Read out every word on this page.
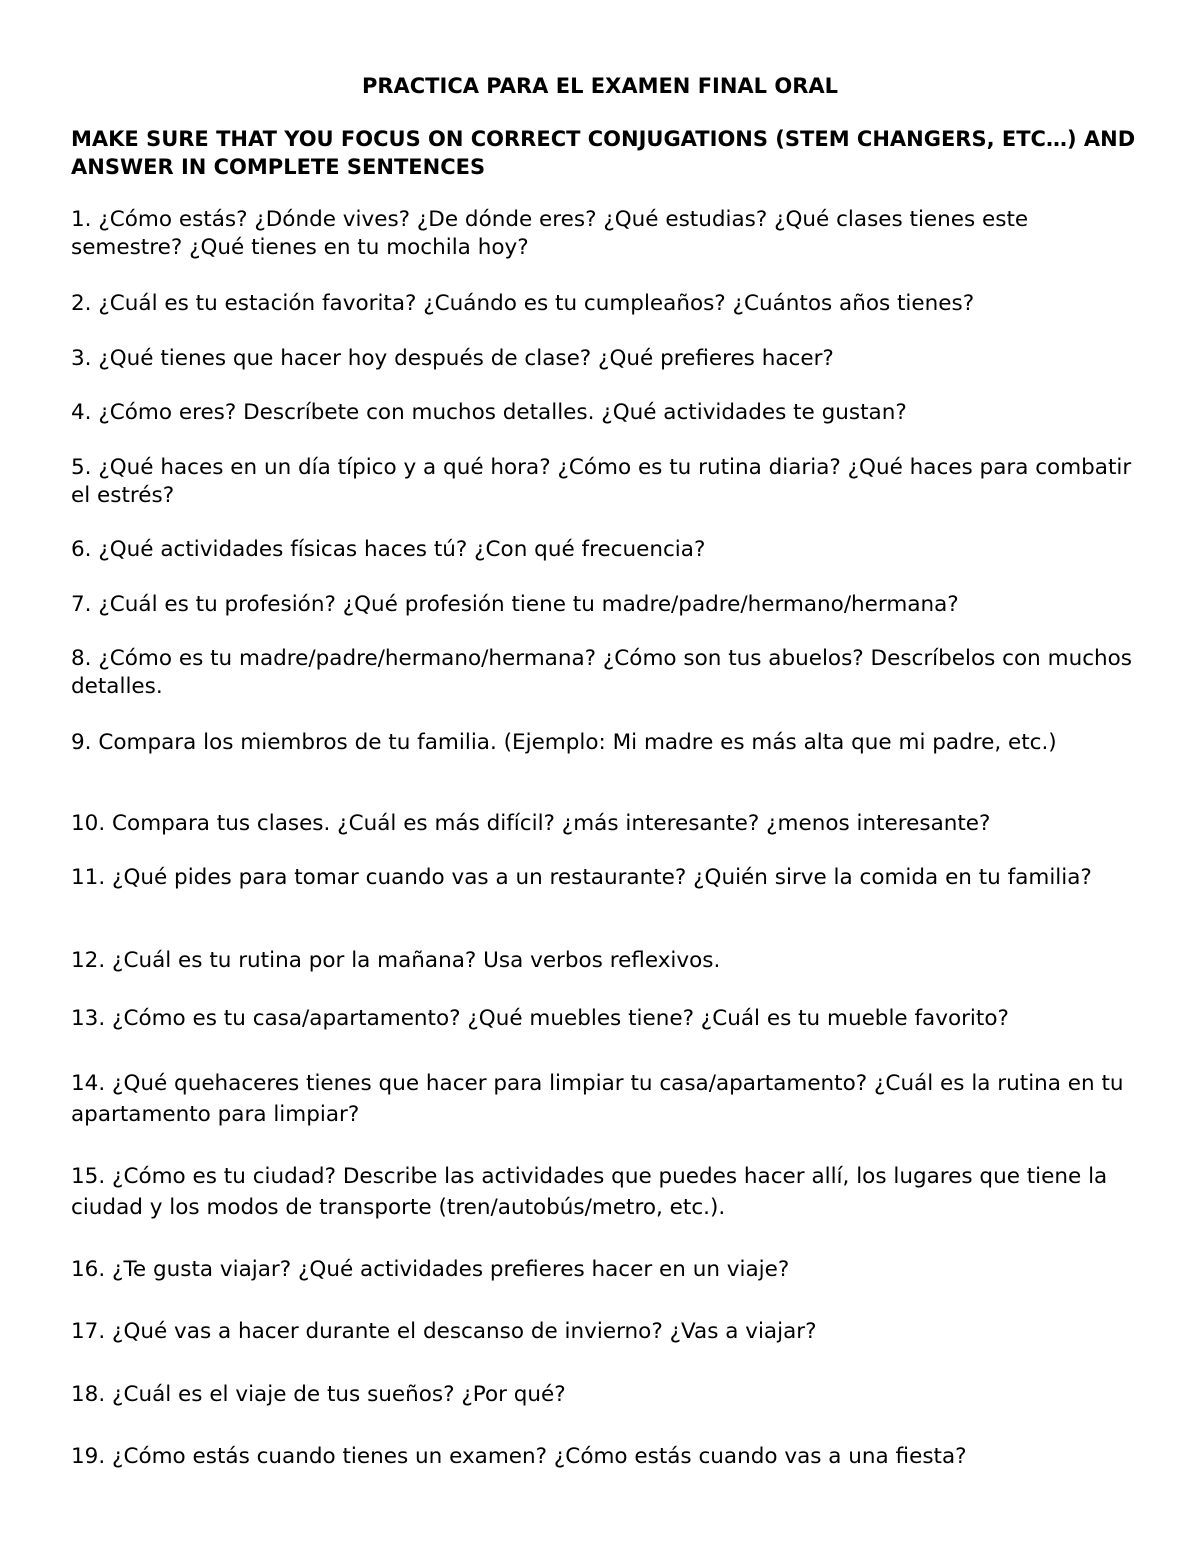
PRACTICA PARA EL EXAMEN FINAL ORAL
MAKE SURE THAT YOU FOCUS ON CORRECT CONJUGATIONS (STEM CHANGERS, ETC…) AND ANSWER IN COMPLETE SENTENCES

1. ¿Cómo estás? ¿Dónde vives? ¿De dónde eres? ¿Qué estudias? ¿Qué clases tienes este semestre? ¿Qué tienes en tu mochila hoy?

2. ¿Cuál es tu estación favorita? ¿Cuándo es tu cumpleaños? ¿Cuántos años tienes?

3. ¿Qué tienes que hacer hoy después de clase? ¿Qué prefieres hacer?

4. ¿Cómo eres? Descríbete con muchos detalles. ¿Qué actividades te gustan?

5. ¿Qué haces en un día típico y a qué hora? ¿Cómo es tu rutina diaria? ¿Qué haces para combatir el estrés?

6. ¿Qué actividades físicas haces tú? ¿Con qué frecuencia?

7. ¿Cuál es tu profesión? ¿Qué profesión tiene tu madre/padre/hermano/hermana?

8. ¿Cómo es tu madre/padre/hermano/hermana? ¿Cómo son tus abuelos? Descríbelos con muchos detalles.

9. Compara los miembros de tu familia. (Ejemplo: Mi madre es más alta que mi padre, etc.)

10. Compara tus clases. ¿Cuál es más difícil? ¿más interesante? ¿menos interesante?

11. ¿Qué pides para tomar cuando vas a un restaurante? ¿Quién sirve la comida en tu familia?

12. ¿Cuál es tu rutina por la mañana? Usa verbos reflexivos.

13. ¿Cómo es tu casa/apartamento? ¿Qué muebles tiene? ¿Cuál es tu mueble favorito?

14. ¿Qué quehaceres tienes que hacer para limpiar tu casa/apartamento? ¿Cuál es la rutina en tu apartamento para limpiar?

15. ¿Cómo es tu ciudad? Describe las actividades que puedes hacer allí, los lugares que tiene la ciudad y los modos de transporte (tren/autobús/metro, etc.).

16. ¿Te gusta viajar? ¿Qué actividades prefieres hacer en un viaje?

17. ¿Qué vas a hacer durante el descanso de invierno? ¿Vas a viajar?

18. ¿Cuál es el viaje de tus sueños? ¿Por qué?

19. ¿Cómo estás cuando tienes un examen? ¿Cómo estás cuando vas a una fiesta?
